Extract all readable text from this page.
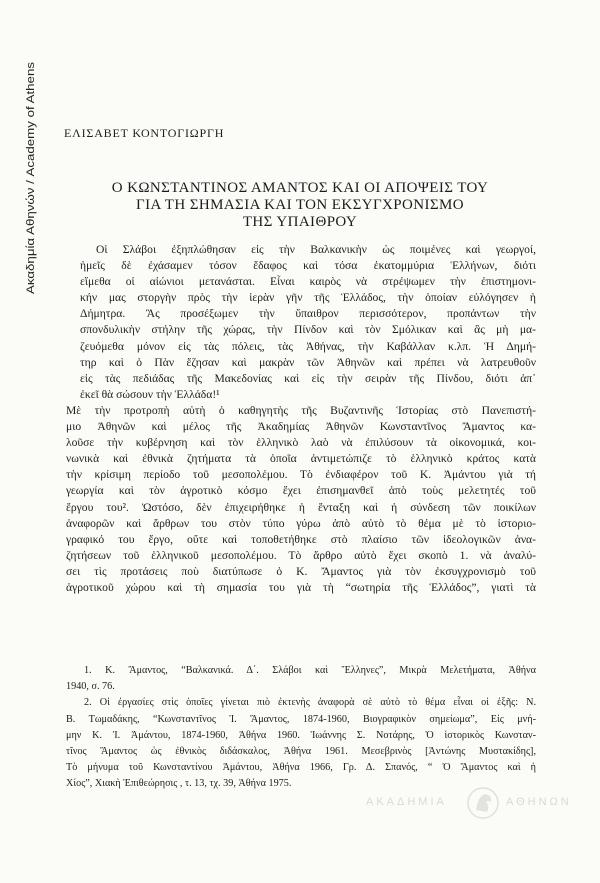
Ακαδημία Αθηνών / Academy of Athens ΕΛΙΣΑΒΕΤ ΚΟΝΤΟΓΙΩΡΓΗ
Ο ΚΩΝΣΤΑΝΤΙΝΟΣ ΑΜΑΝΤΟΣ ΚΑΙ ΟΙ ΑΠΟΨΕΙΣ ΤΟΥ
ΓΙΑ ΤΗ ΣΗΜΑΣΙΑ ΚΑΙ ΤΟΝ ΕΚΣΥΓΧΡΟΝΙΣΜΟ
ΤΗΣ ΥΠΑΙΘΡΟΥ
Οἱ Σλάβοι ἐξηπλώθησαν εἰς τὴν Βαλκανικὴν ὡς ποιμένες καὶ γεωργοί,
ἡμεῖς δὲ ἐχάσαμεν τόσον ἔδαφος καὶ τόσα ἑκατομμύρια Ἑλλήνων, διότι
εἵμεθα οἱ αἰώνιοι μετανάσται. Εἶναι καιρὸς νὰ στρέψωμεν τὴν ἐπιστημονι-
κήν μας στοργὴν πρὸς τὴν ἱερὰν γῆν τῆς Ἑλλάδος, τὴν ὁποίαν εὐλόγησεν ἡ
Δήμητρα. Ἂς προσέξωμεν τὴν ὕπαιθρον περισσότερον, προπάντων τὴν
σπονδυλικὴν στήλην τῆς χώρας, τὴν Πίνδον καὶ τὸν Σμόλικαν καὶ ἂς μὴ μα-
ζευόμεθα μόνον εἰς τὰς πόλεις, τὰς Ἀθήνας, τὴν Καβάλλαν κ.λπ. Ἡ Δημή-
τηρ καὶ ὁ Πὰν ἔζησαν καὶ μακρὰν τῶν Ἀθηνῶν καὶ πρέπει νὰ λατρευθοῦν
εἰς τὰς πεδιάδας τῆς Μακεδονίας καὶ εἰς τὴν σειρὰν τῆς Πίνδου, διότι ἀπ᾽
ἐκεῖ θὰ σώσουν τὴν Ἑλλάδα!¹
Μὲ τὴν προτροπὴ αὐτὴ ὁ καθηγητὴς τῆς Βυζαντινῆς Ἱστορίας στὸ Πανεπιστή-
μιο Ἀθηνῶν καὶ μέλος τῆς Ἀκαδημίας Ἀθηνῶν Κωνσταντῖνος Ἄμαντος κα-
λοῦσε τὴν κυβέρνηση καὶ τὸν ἑλληνικὸ λαὸ νὰ ἐπιλύσουν τὰ οἰκονομικά, κοι-
νωνικὰ καὶ ἐθνικὰ ζητήματα τὰ ὁποῖα ἀντιμετώπιζε τὸ ἑλληνικὸ κράτος κατὰ
τὴν κρίσιμη περίοδο τοῦ μεσοπολέμου. Τὸ ἐνδιαφέρον τοῦ Κ. Ἀμάντου γιὰ τή
γεωργία καὶ τὸν ἀγροτικὸ κόσμο ἔχει ἐπισημανθεῖ ἀπὸ τοὺς μελετητές τοῦ
ἔργου του². Ὡστόσο, δὲν ἐπιχειρήθηκε ἡ ἔνταξη καὶ ἡ σύνδεση τῶν ποικίλων
ἀναφορῶν καὶ ἄρθρων του στὸν τύπο γύρω ἀπὸ αὐτὸ τὸ θέμα μὲ τὸ ἱστοριο-
γραφικό του ἔργο, οὔτε καὶ τοποθετήθηκε στὸ πλαίσιο τῶν ἰδεολογικῶν ἀνα-
ζητήσεων τοῦ ἑλληνικοῦ μεσοπολέμου. Τὸ ἄρθρο αὐτὸ ἔχει σκοπὸ 1. νὰ ἀναλύ-
σει τὶς προτάσεις ποὺ διατύπωσε ὁ Κ. Ἄμαντος γιὰ τὸν ἐκσυγχρονισμὸ τοῦ
ἀγροτικοῦ χώρου καὶ τὴ σημασία του γιὰ τὴ “σωτηρία τῆς Ἑλλάδος”, γιατὶ τὰ
1. Κ. Ἄμαντος, “Βαλκανικά. Δ΄. Σλάβοι καὶ Ἕλληνες”, Μικρὰ Μελετήματα, Ἀθήνα
1940, σ. 76.
2. Οἱ ἐργασίες στὶς ὁποῖες γίνεται πιὸ ἐκτενὴς ἀναφορὰ σὲ αὐτὸ τὸ θέμα εἶναι οἱ ἑξῆς: Ν.
Β. Τωμαδάκης, “Κωνσταντῖνος Ἰ. Ἄμαντος, 1874-1960, Βιογραφικὸν σημείωμα”, Εἰς μνή-
μην Κ. Ἰ. Ἀμάντου, 1874-1960, Ἀθήνα 1960. Ἰωάννης Σ. Νοτάρης, Ὁ ἱστορικὸς Κωνσταν-
τῖνος Ἄμαντος ὡς ἐθνικὸς διδάσκαλος, Ἀθήνα 1961. Μεσεβρινὸς [Ἀντώνης Μυστακίδης],
Τὸ μήνυμα τοῦ Κωνσταντίνου Ἀμάντου, Ἀθήνα 1966, Γρ. Δ. Σπανός, “ Ὁ Ἄμαντος καὶ ἡ
Χίος”, Χιακὴ Ἐπιθεώρησις , τ. 13, τχ. 39, Ἀθήνα 1975.
ΑΚΑΔΗΜΙΑ	ΑΘΗΝΩΝ
